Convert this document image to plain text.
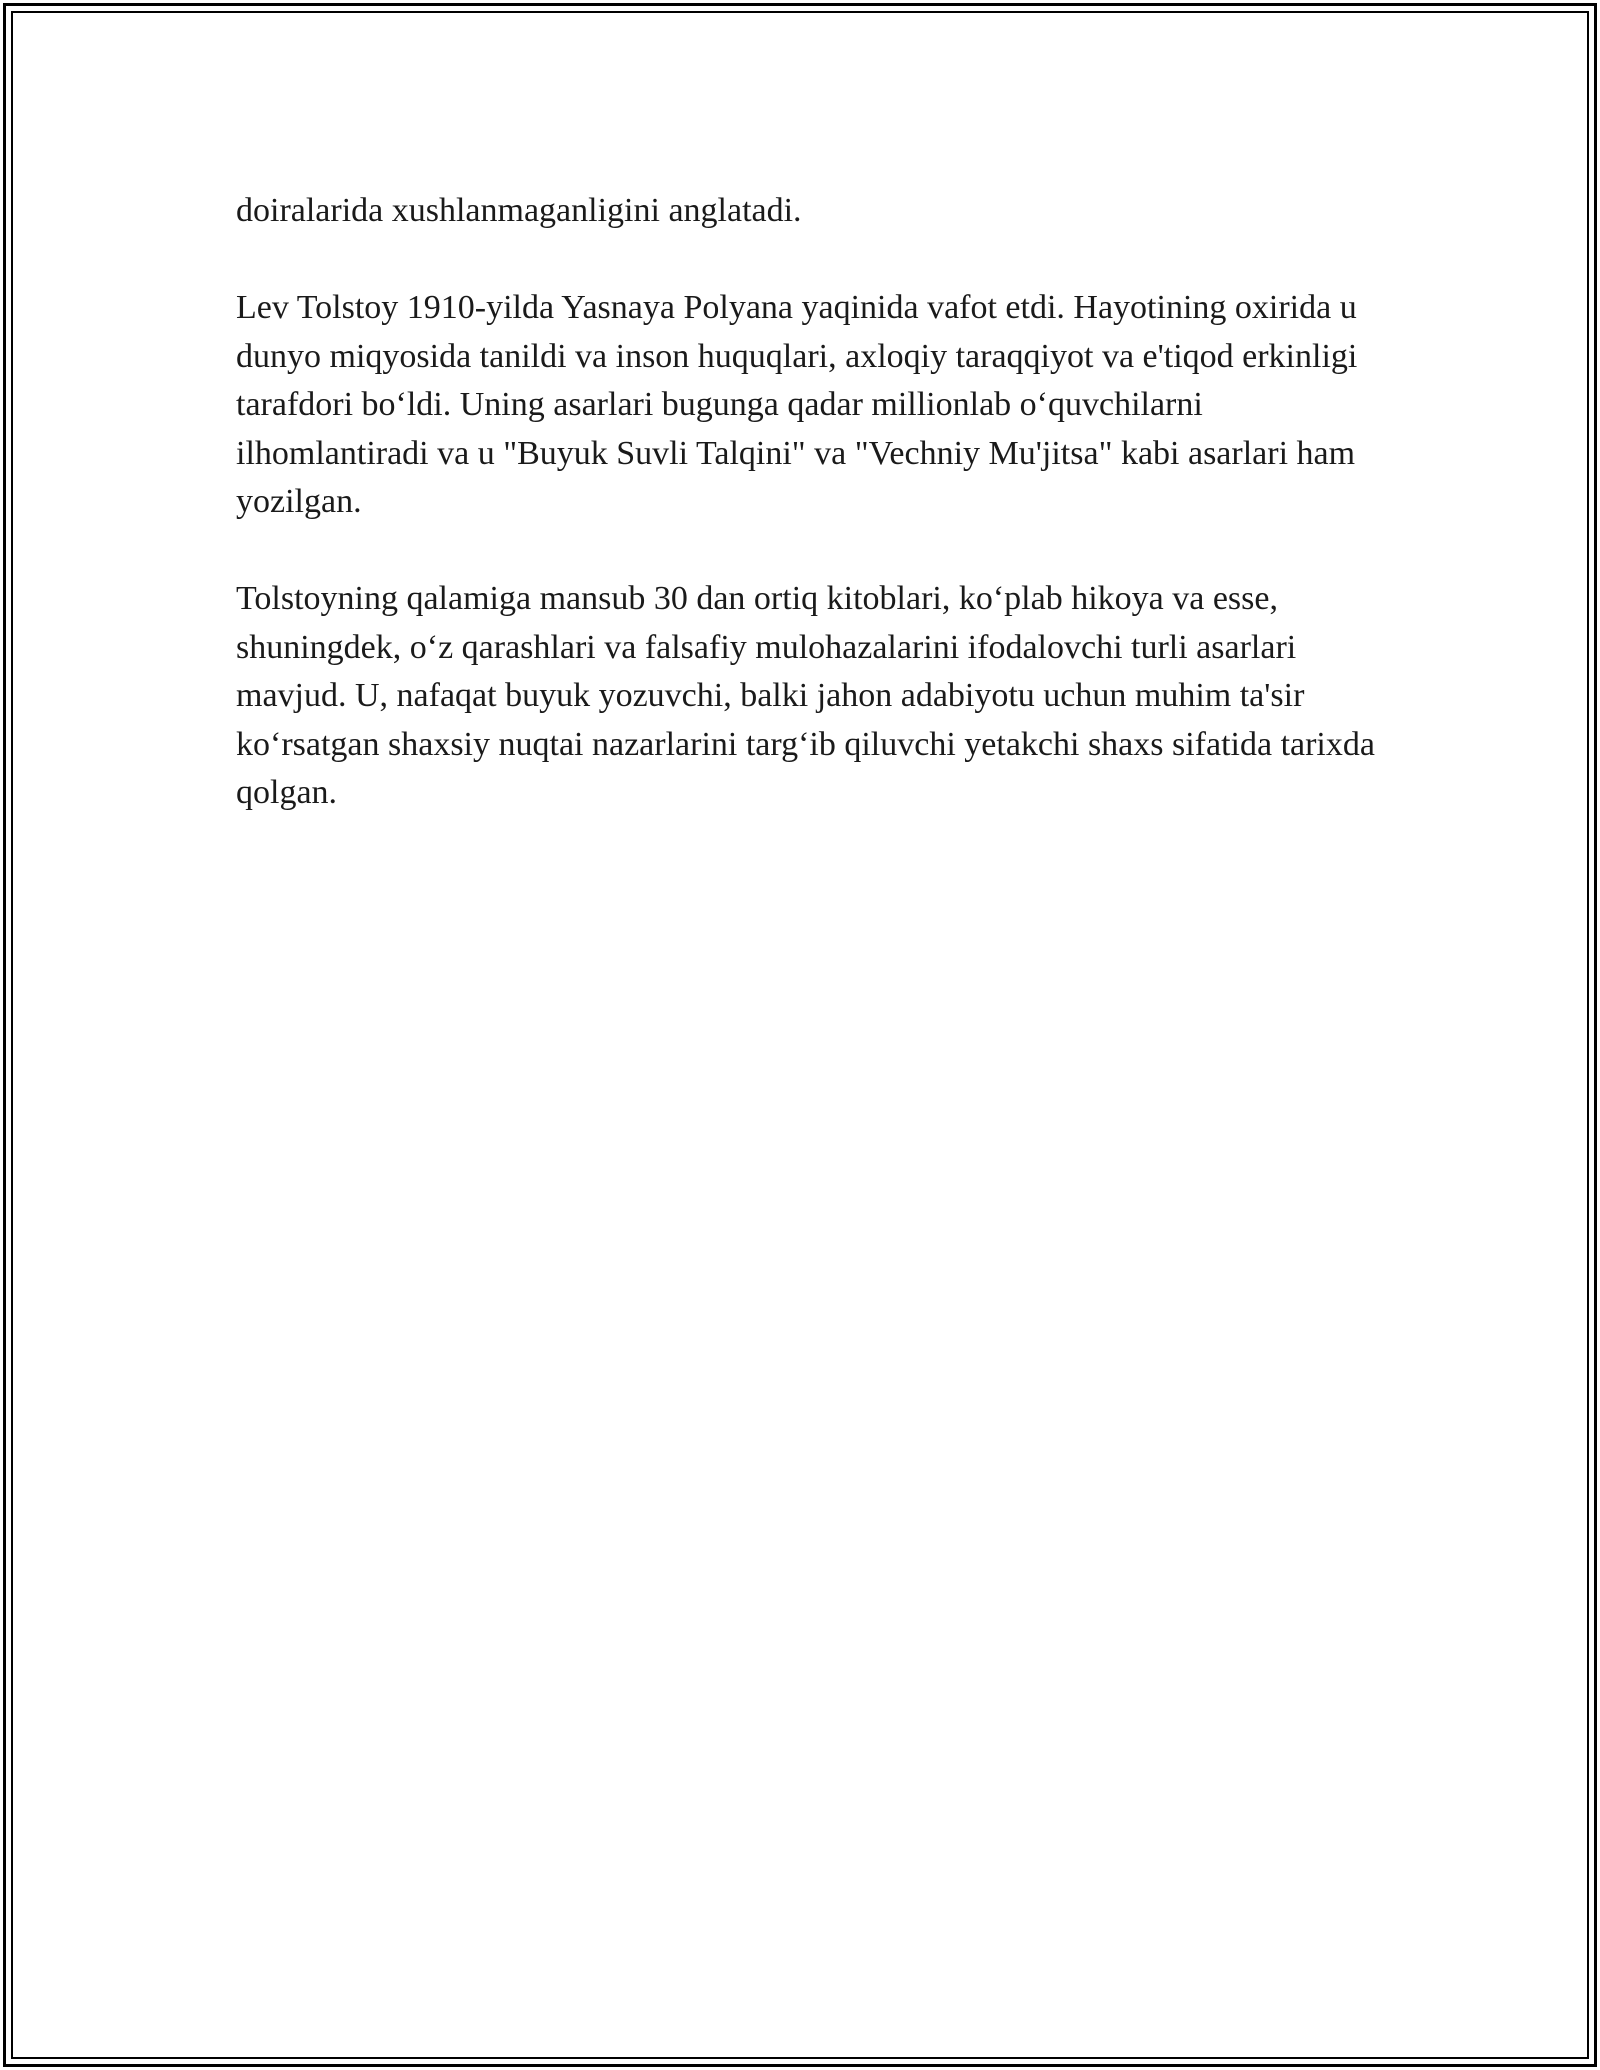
doiralarida xushlanmaganligini anglatadi.

Lev Tolstoy 1910-yilda Yasnaya Polyana yaqinida vafot etdi. Hayotining oxirida u dunyo miqyosida tanildi va inson huquqlari, axloqiy taraqqiyot va e'tiqod erkinligi tarafdori bo‘ldi. Uning asarlari bugunga qadar millionlab o‘quvchilarni ilhomlantiradi va u "Buyuk Suvli Talqini" va "Vechniy Mu'jitsa" kabi asarlari ham yozilgan.

Tolstoyning qalamiga mansub 30 dan ortiq kitoblari, ko‘plab hikoya va esse, shuningdek, o‘z qarashlari va falsafiy mulohazalarini ifodalovchi turli asarlari mavjud. U, nafaqat buyuk yozuvchi, balki jahon adabiyotu uchun muhim ta'sir ko‘rsatgan shaxsiy nuqtai nazarlarini targ‘ib qiluvchi yetakchi shaxs sifatida tarixda qolgan.
